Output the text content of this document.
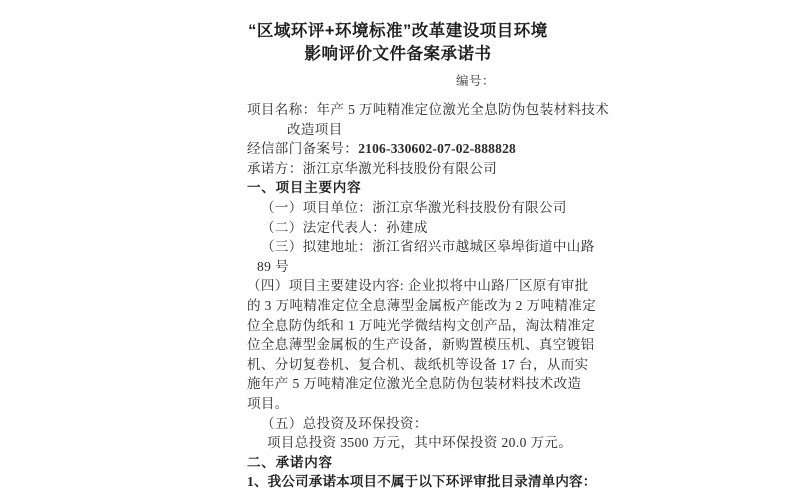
“区域环评+环境标准”改革建设项目环境
影响评价文件备案承诺书
编号：
项目名称：年产 5 万吨精准定位激光全息防伪包装材料技术
改造项目
经信部门备案号：2106-330602-07-02-888828
承诺方：浙江京华激光科技股份有限公司
一、项目主要内容
（一）项目单位：浙江京华激光科技股份有限公司
（二）法定代表人：孙建成
（三）拟建地址：浙江省绍兴市越城区皋埠街道中山路
89 号
（四）项目主要建设内容: 企业拟将中山路厂区原有审批
的 3 万吨精准定位全息薄型金属板产能改为 2 万吨精准定
位全息防伪纸和 1 万吨光学微结构文创产品，淘汰精准定
位全息薄型金属板的生产设备，新购置模压机、真空镀铝
机、分切复卷机、复合机、裁纸机等设备 17 台，从而实
施年产 5 万吨精准定位激光全息防伪包装材料技术改造
项目。
（五）总投资及环保投资：
项目总投资 3500 万元，其中环保投资 20.0 万元。
二、承诺内容
1、我公司承诺本项目不属于以下环评审批目录清单内容：
